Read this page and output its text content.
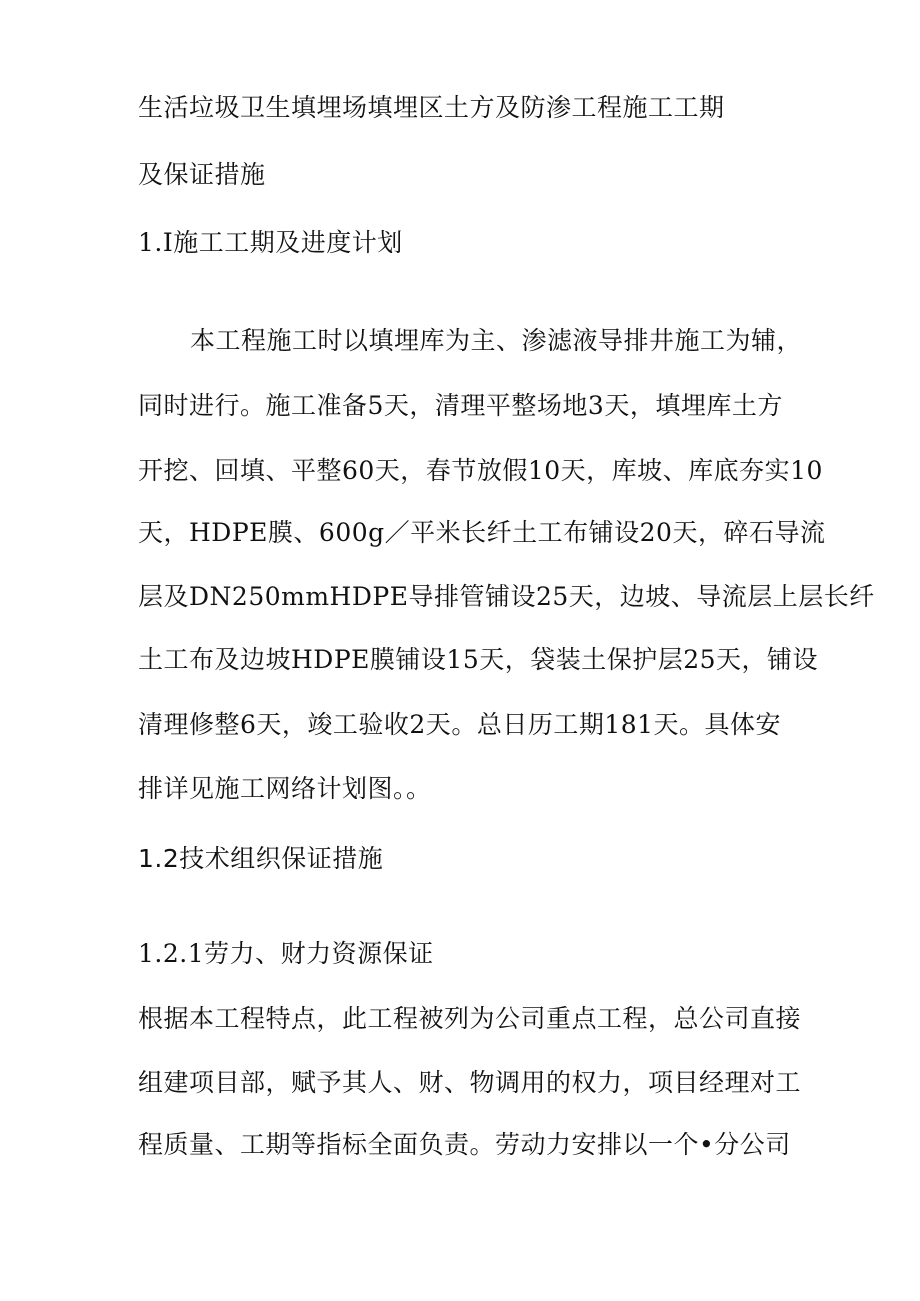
生活垃圾卫生填埋场填埋区土方及防渗工程施工工期
及保证措施
1.I施工工期及进度计划
本工程施工时以填埋库为主、渗滤液导排井施工为辅，
同时进行。施工准备5天，清理平整场地3天，填埋库土方
开挖、回填、平整60天，春节放假10天，库坡、库底夯实10
天，HDPE膜、600g／平米长纤土工布铺设20天，碎石导流
层及DN250mmHDPE导排管铺设25天，边坡、导流层上层长纤
土工布及边坡HDPE膜铺设15天，袋装土保护层25天，铺设
清理修整6天，竣工验收2天。总日历工期181天。具体安
排详见施工网络计划图。。
1.2技术组织保证措施
1.2.1劳力、财力资源保证
根据本工程特点，此工程被列为公司重点工程，总公司直接
组建项目部，赋予其人、财、物调用的权力，项目经理对工
程质量、工期等指标全面负责。劳动力安排以一个•分公司
